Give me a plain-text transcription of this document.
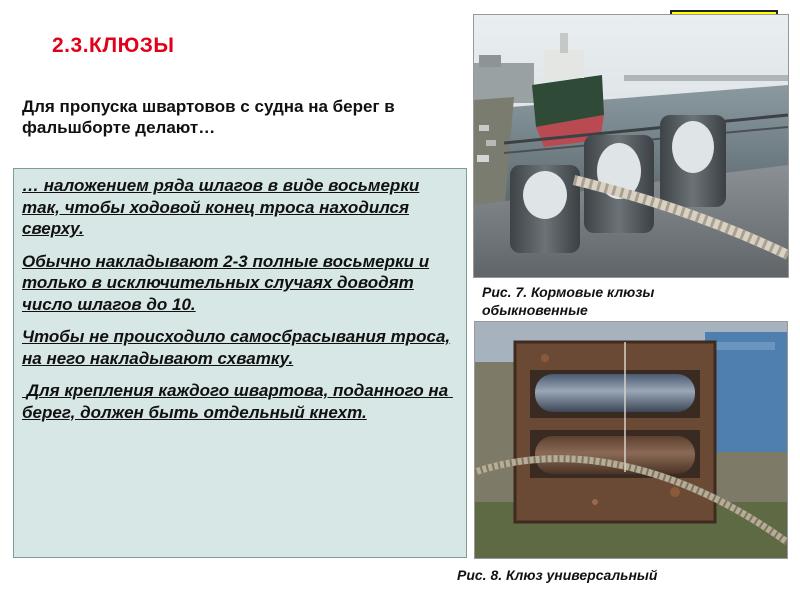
2.3.КЛЮЗЫ
Для пропуска швартовов с судна на берег в фальшборте делают…

… наложением ряда шлагов в виде восьмерки так, чтобы ходовой конец троса находился сверху.

Обычно накладывают 2-3 полные восьмерки и только в исключительных случаях доводят число шлагов до 10.

Чтобы не происходило самосбрасывания троса, на него накладывают схватку.

Для крепления каждого швартова, поданного на берег, должен быть отдельный кнехт.

Рис. 7. Кормовые клюзы обыкновенные
Рис. 8. Клюз универсальный
